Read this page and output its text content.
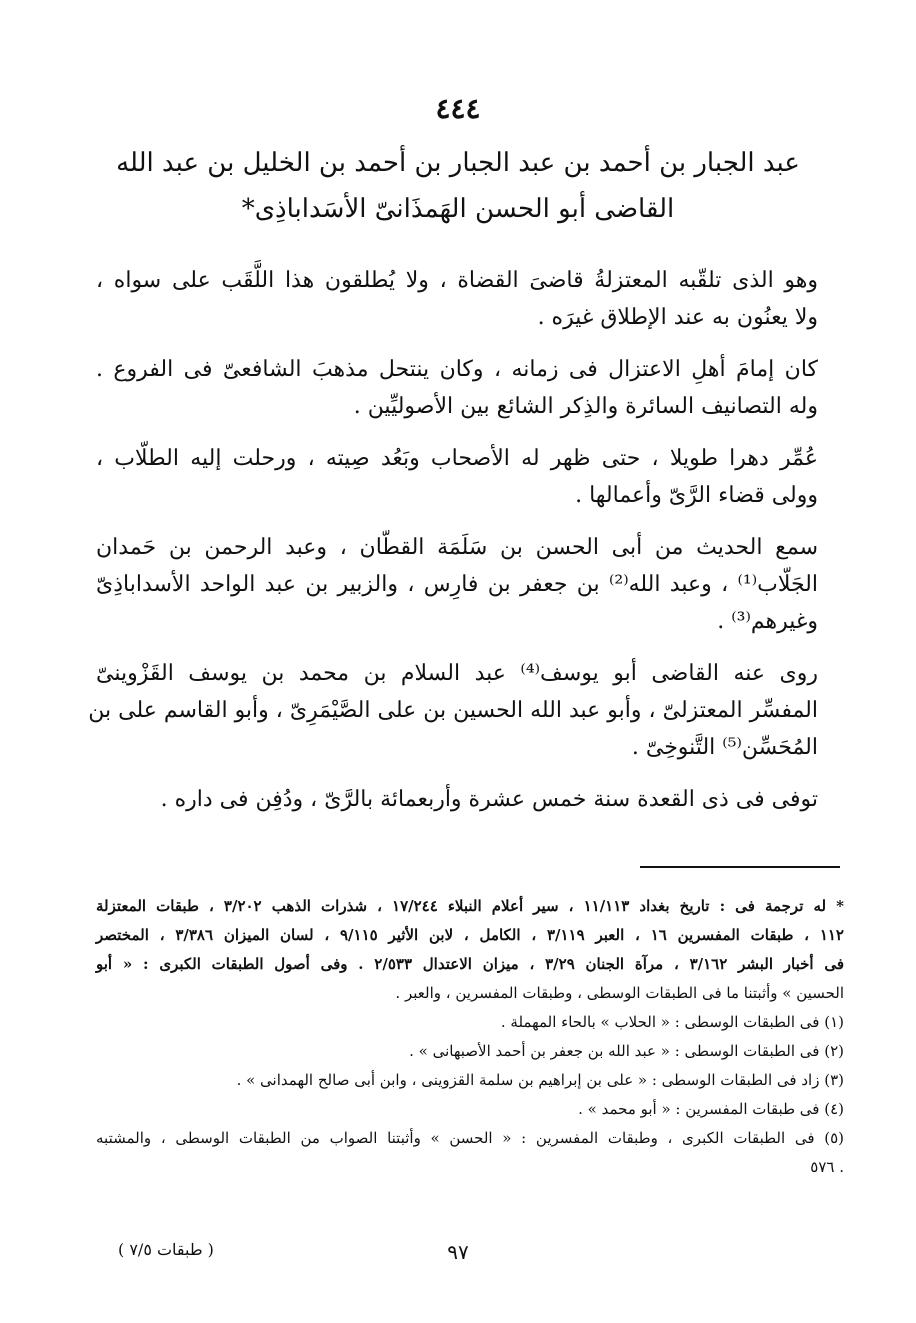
٤٤٤
عبد الجبار بن أحمد بن عبد الجبار بن أحمد بن الخليل بن عبد الله
القاضى أبو الحسن الهَمذَانىّ الأسَداباذِى*
وهو الذى تلقّبه المعتزلةُ قاضىَ القضاة ، ولا يُطلقون هذا اللَّقَب على سواه ،
ولا يعنُون به عند الإطلاق غيرَه .
كان إمامَ أهلِ الاعتزال فى زمانه ، وكان ينتحل مذهبَ الشافعىّ فى الفروع .
وله التصانيف السائرة والذِكر الشائع بين الأصوليِّين .
عُمِّر دهرا طويلا ، حتى ظهر له الأصحاب وبَعُد صِيته ، ورحلت إليه الطلّاب ،
وولى قضاء الرَّىّ وأعمالها .
سمع الحديث من أبى الحسن بن سَلَمَة القطّان ، وعبد الرحمن بن حَمدان
الجَلّاب⁽¹⁾ ، وعبد الله⁽²⁾ بن جعفر بن فارِس ، والزبير بن عبد الواحد الأسداباذِىّ
وغيرهم⁽³⁾ .
روى عنه القاضى أبو يوسف⁽⁴⁾ عبد السلام بن محمد بن يوسف القَزْوينىّ
المفسِّر المعتزلىّ ، وأبو عبد الله الحسين بن على الصَّيْمَرِىّ ، وأبو القاسم على بن
المُحَسِّن⁽⁵⁾ التَّنوخِىّ .
توفى فى ذى القعدة سنة خمس عشرة وأربعمائة بالرَّىّ ، ودُفِن فى داره .
* له ترجمة فى : تاريخ بغداد ١١/١١٣ ، سير أعلام النبلاء ١٧/٢٤٤ ، شذرات الذهب ٣/٢٠٢ ، طبقات المعتزلة
١١٢ ، طبقات المفسرين ١٦ ، العبر ٣/١١٩ ، الكامل ، لابن الأثير ٩/١١٥ ، لسان الميزان ٣/٣٨٦ ، المختصر
فى أخبار البشر ٣/١٦٢ ، مرآة الجنان ٣/٢٩ ، ميزان الاعتدال ٢/٥٣٣ . وفى أصول الطبقات الكبرى : « أبو
الحسين » وأثبتنا ما فى الطبقات الوسطى ، وطبقات المفسرين ، والعبر .
(١) فى الطبقات الوسطى : « الحلاب » بالحاء المهملة .
(٢) فى الطبقات الوسطى : « عبد الله بن جعفر بن أحمد الأصبهانى » .
(٣) زاد فى الطبقات الوسطى : « على بن إبراهيم بن سلمة القزوينى ، وابن أبى صالح الهمدانى » .
(٤) فى طبقات المفسرين : « أبو محمد » .
(٥) فى الطبقات الكبرى ، وطبقات المفسرين : « الحسن » وأثبتنا الصواب من الطبقات الوسطى ، والمشتبه
. ٥٧٦
٩٧
( طبقات ٧/٥ )
